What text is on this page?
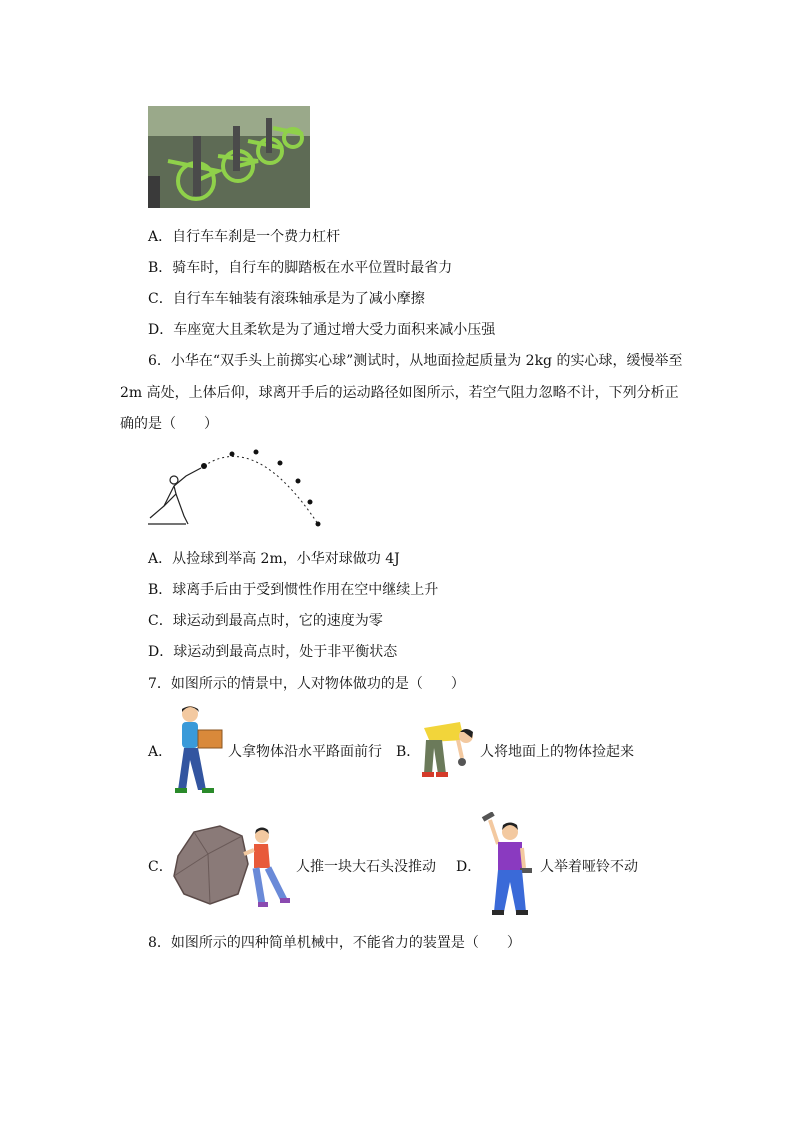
A．自行车车刹是一个费力杠杆
B．骑车时，自行车的脚踏板在水平位置时最省力
C．自行车车轴装有滚珠轴承是为了减小摩擦
D．车座宽大且柔软是为了通过增大受力面积来减小压强
6．小华在“双手头上前掷实心球”测试时，从地面捡起质量为 2kg 的实心球，缓慢举至
2m 高处，上体后仰，球离开手后的运动路径如图所示，若空气阻力忽略不计，下列分析正
确的是（　　）
A．从捡球到举高 2m，小华对球做功 4J
B．球离手后由于受到惯性作用在空中继续上升
C．球运动到最高点时，它的速度为零
D．球运动到最高点时，处于非平衡状态
7．如图所示的情景中，人对物体做功的是（　　）
A．	人拿物体沿水平路面前行 B．	人将地面上的物体捡起来
C．	人推一块大石头没推动 D．	人举着哑铃不动
8．如图所示的四种简单机械中，不能省力的装置是（　　）
